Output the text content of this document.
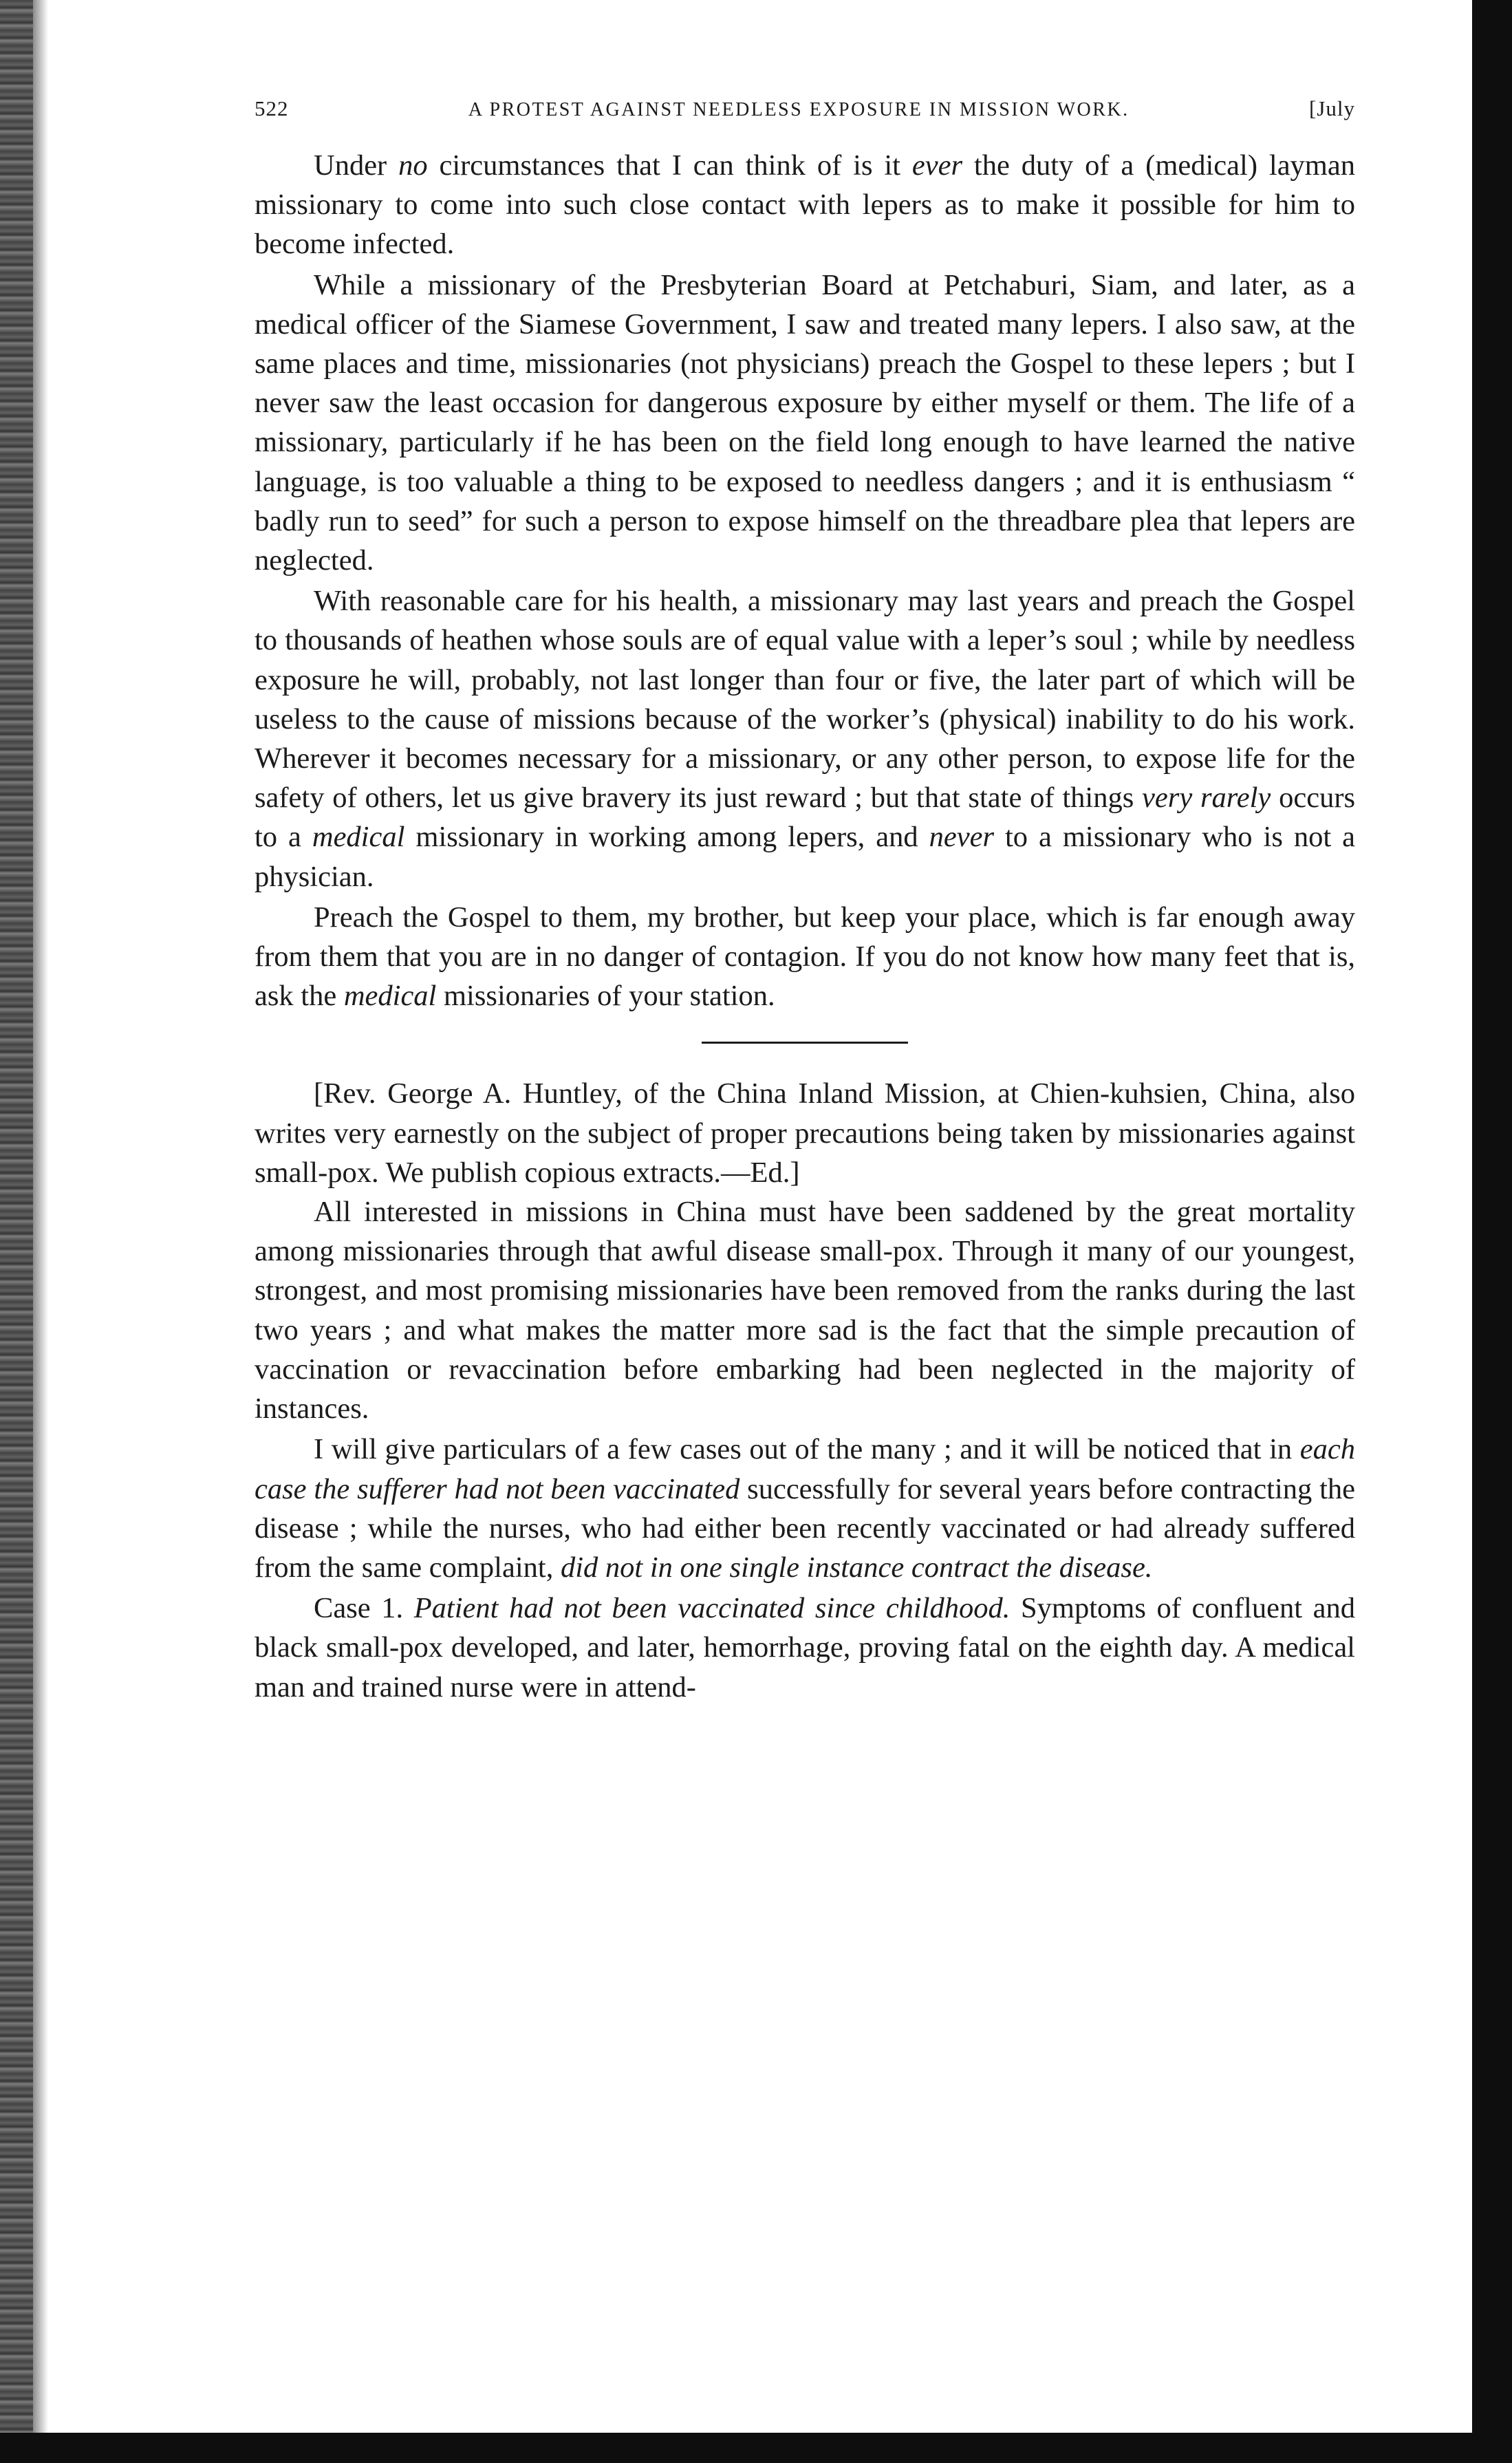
522	A PROTEST AGAINST NEEDLESS EXPOSURE IN MISSION WORK.	[July

Under no circumstances that I can think of is it ever the duty of a (medical) layman missionary to come into such close contact with lepers as to make it possible for him to become infected.

While a missionary of the Presbyterian Board at Petchaburi, Siam, and later, as a medical officer of the Siamese Government, I saw and treated many lepers. I also saw, at the same places and time, missionaries (not physicians) preach the Gospel to these lepers ; but I never saw the least occasion for dangerous exposure by either myself or them. The life of a missionary, particularly if he has been on the field long enough to have learned the native language, is too valuable a thing to be exposed to needless dangers ; and it is enthusiasm “ badly run to seed” for such a person to expose himself on the threadbare plea that lepers are neglected.

With reasonable care for his health, a missionary may last years and preach the Gospel to thousands of heathen whose souls are of equal value with a leper’s soul ; while by needless exposure he will, probably, not last longer than four or five, the later part of which will be useless to the cause of missions because of the worker’s (physical) inability to do his work. Wherever it becomes necessary for a missionary, or any other person, to expose life for the safety of others, let us give bravery its just reward ; but that state of things very rarely occurs to a medical missionary in working among lepers, and never to a missionary who is not a physician.

Preach the Gospel to them, my brother, but keep your place, which is far enough away from them that you are in no danger of contagion. If you do not know how many feet that is, ask the medical missionaries of your station.

[Rev. George A. Huntley, of the China Inland Mission, at Chien-kuhsien, China, also writes very earnestly on the subject of proper precautions being taken by missionaries against small-pox. We publish copious extracts.—Ed.]

All interested in missions in China must have been saddened by the great mortality among missionaries through that awful disease small-pox. Through it many of our youngest, strongest, and most promising missionaries have been removed from the ranks during the last two years ; and what makes the matter more sad is the fact that the simple precaution of vaccination or revaccination before embarking had been neglected in the majority of instances.

I will give particulars of a few cases out of the many ; and it will be noticed that in each case the sufferer had not been vaccinated successfully for several years before contracting the disease ; while the nurses, who had either been recently vaccinated or had already suffered from the same complaint, did not in one single instance contract the disease.

Case 1. Patient had not been vaccinated since childhood. Symptoms of confluent and black small-pox developed, and later, hemorrhage, proving fatal on the eighth day. A medical man and trained nurse were in attend-
